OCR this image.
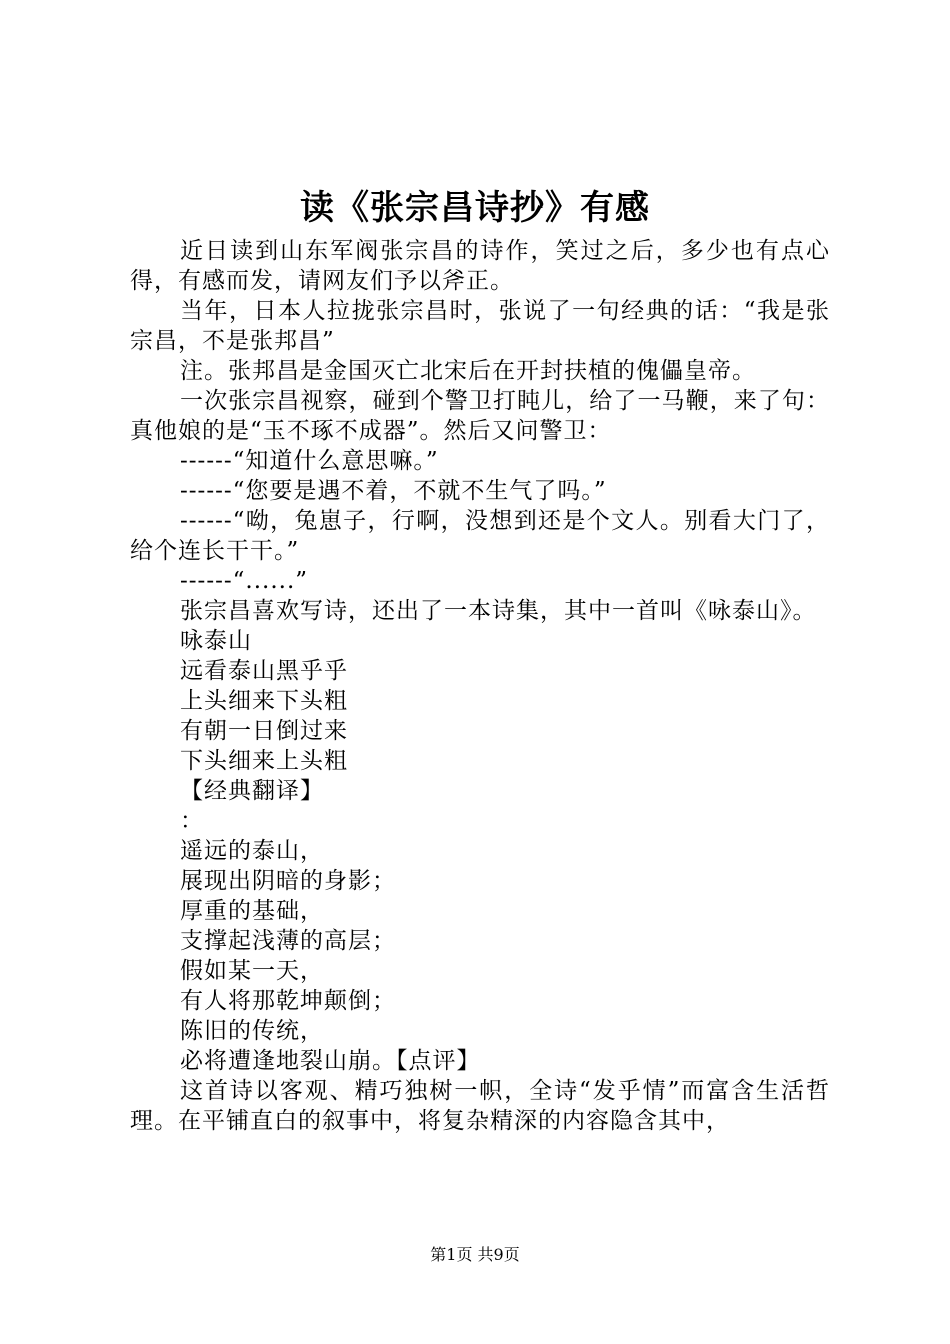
读《张宗昌诗抄》有感

近日读到山东军阀张宗昌的诗作，笑过之后，多少也有点心得，有感而发，请网友们予以斧正。

当年，日本人拉拢张宗昌时，张说了一句经典的话：“我是张宗昌，不是张邦昌”

注。张邦昌是金国灭亡北宋后在开封扶植的傀儡皇帝。

一次张宗昌视察，碰到个警卫打盹儿，给了一马鞭，来了句：真他娘的是“玉不琢不成器”。然后又问警卫：

------“知道什么意思嘛。”

------“您要是遇不着，不就不生气了吗。”

------“呦，兔崽子，行啊，没想到还是个文人。别看大门了，给个连长干干。”

------“......”

张宗昌喜欢写诗，还出了一本诗集，其中一首叫《咏泰山》。

咏泰山

远看泰山黑乎乎

上头细来下头粗

有朝一日倒过来

下头细来上头粗

【经典翻译】

：

遥远的泰山，

展现出阴暗的身影；

厚重的基础，

支撑起浅薄的高层；

假如某一天，

有人将那乾坤颠倒；

陈旧的传统，

必将遭逢地裂山崩。【点评】

这首诗以客观、精巧独树一帜，全诗“发乎情”而富含生活哲理。在平铺直白的叙事中，将复杂精深的内容隐含其中，

第1页 共9页
